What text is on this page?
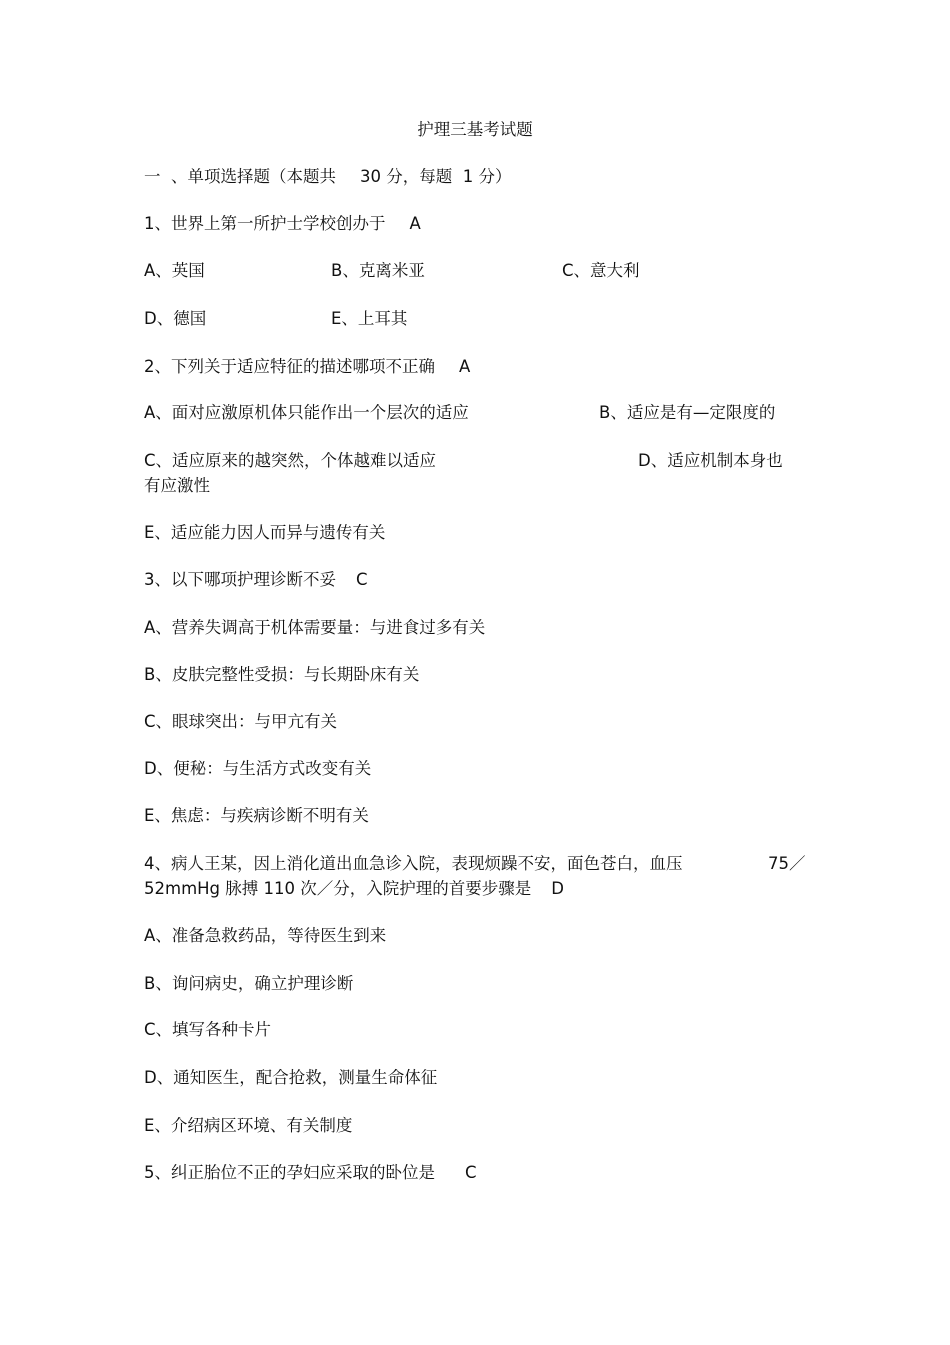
护理三基考试题
一  、单项选择题（本题共 30 分，每题  1 分）
1、世界上第一所护士学校创办于 A
A、英国	B、克离米亚	C、意大利
D、德国	E、上耳其
2、下列关于适应特征的描述哪项不正确 A
A、面对应激原机体只能作出一个层次的适应	B、适应是有—定限度的
C、适应原来的越突然，个体越难以适应	D、适应机制本身也
有应激性
E、适应能力因人而异与遗传有关
3、以下哪项护理诊断不妥 C
A、营养失调高于机体需要量：与进食过多有关
B、皮肤完整性受损：与长期卧床有关
C、眼球突出：与甲亢有关
D、便秘：与生活方式改变有关
E、焦虑：与疾病诊断不明有关
4、病人王某，因上消化道出血急诊入院，表现烦躁不安，面色苍白，血压	75／
52mmHg 脉搏 110 次／分，入院护理的首要步骤是 D
A、准备急救药品，等待医生到来
B、询问病史，确立护理诊断
C、填写各种卡片
D、通知医生，配合抢救，测量生命体征
E、介绍病区环境、有关制度
5、纠正胎位不正的孕妇应采取的卧位是 C
